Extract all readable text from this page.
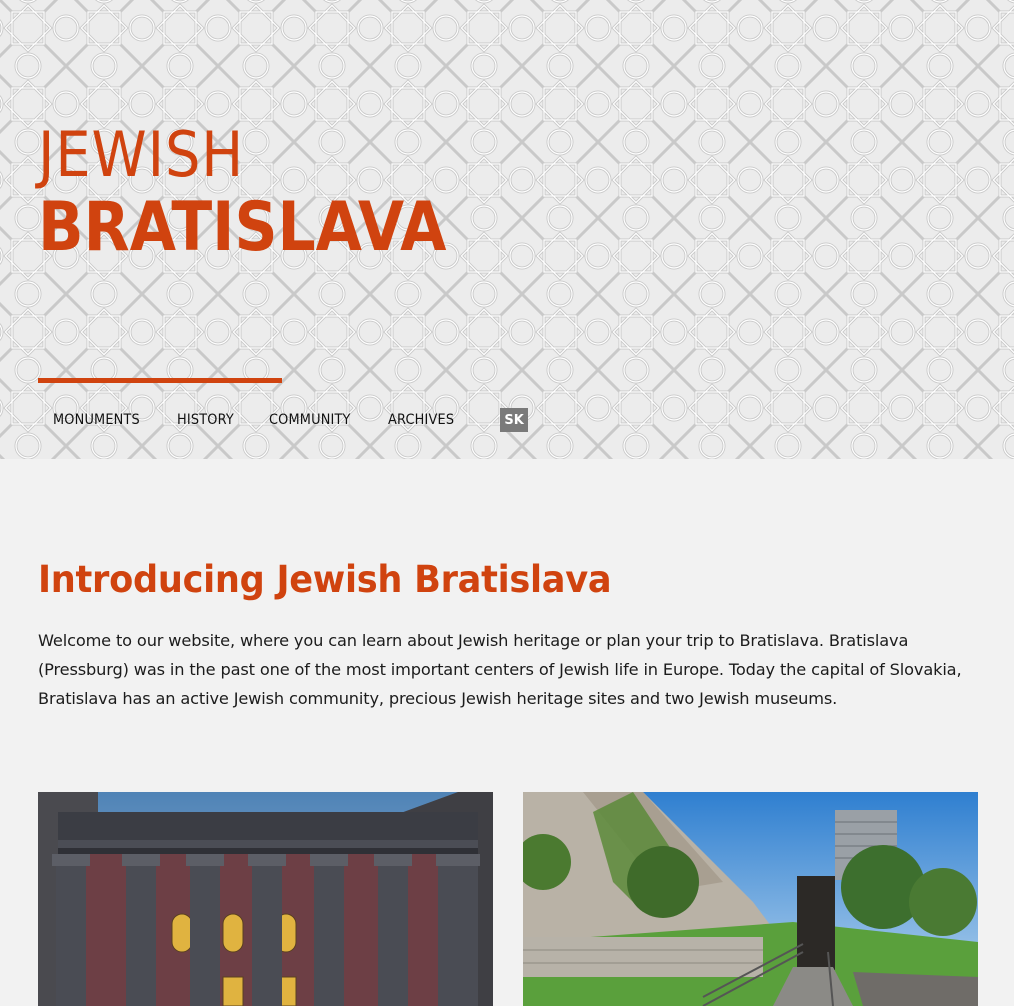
JEWISH
BRATISLAVA
MONUMENTS	HISTORY COMMUNITY	ARCHIVES	SK
Introducing Jewish Bratislava

Welcome to our website, where you can learn about Jewish heritage or plan your trip to Bratislava. Bratislava (Pressburg) was in the past one of the most important centers of Jewish life in Europe. Today the capital of Slovakia, Bratislava has an active Jewish community, precious Jewish heritage sites and two Jewish museums.
